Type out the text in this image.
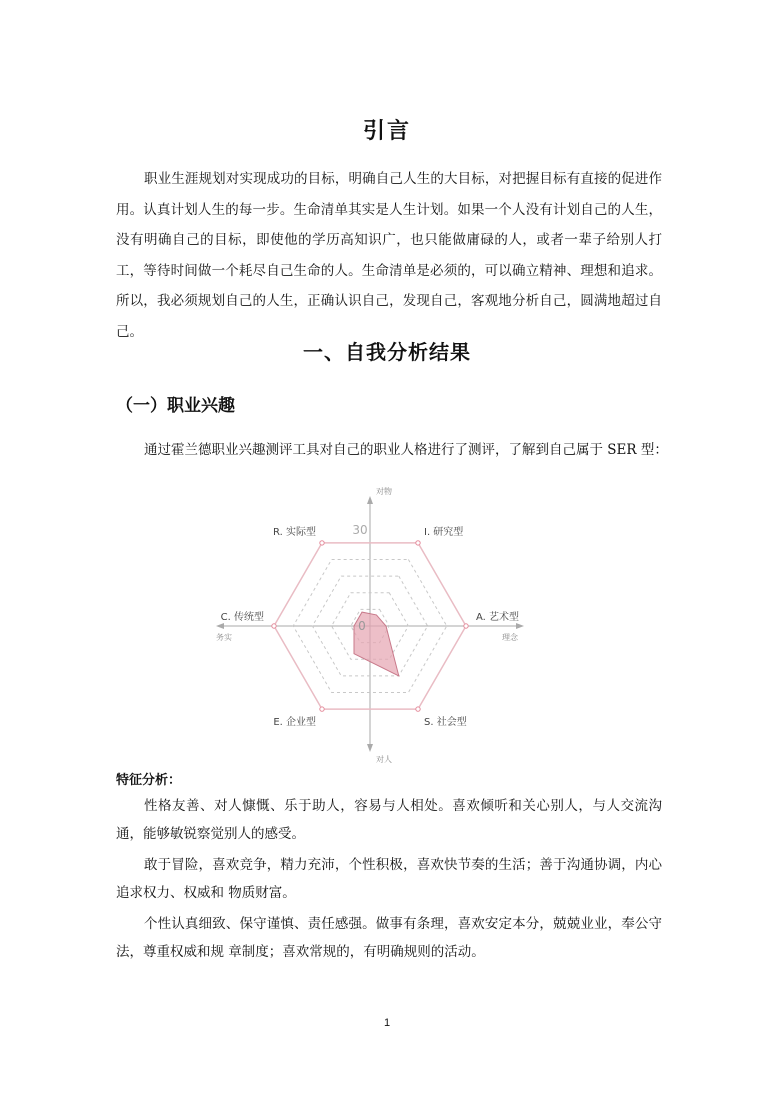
引言

职业生涯规划对实现成功的目标，明确自己人生的大目标，对把握目标有直接的促进作用。认真计划人生的每一步。生命清单其实是人生计划。如果一个人没有计划自己的人生，没有明确自己的目标，即使他的学历高知识广，也只能做庸碌的人，或者一辈子给别人打工，等待时间做一个耗尽自己生命的人。生命清单是必须的，可以确立精神、理想和追求。所以，我必须规划自己的人生，正确认识自己，发现自己，客观地分析自己，圆满地超过自己。

一、自我分析结果
（一）职业兴趣

通过霍兰德职业兴趣测评工具对自己的职业人格进行了测评，了解到自己属于 SER 型：

I. 研究型
A. 艺术型
S. 社会型
E. 企业型
C. 传统型
R. 实际型
0
30
对物
对人
务实	理念
特征分析：

性格友善、对人慷慨、乐于助人，容易与人相处。喜欢倾听和关心别人，与人交流沟通，能够敏锐察觉别人的感受。

敢于冒险，喜欢竞争，精力充沛，个性积极，喜欢快节奏的生活；善于沟通协调，内心追求权力、权威和 物质财富。

个性认真细致、保守谨慎、责任感强。做事有条理，喜欢安定本分，兢兢业业，奉公守法，尊重权威和规 章制度；喜欢常规的，有明确规则的活动。

1
